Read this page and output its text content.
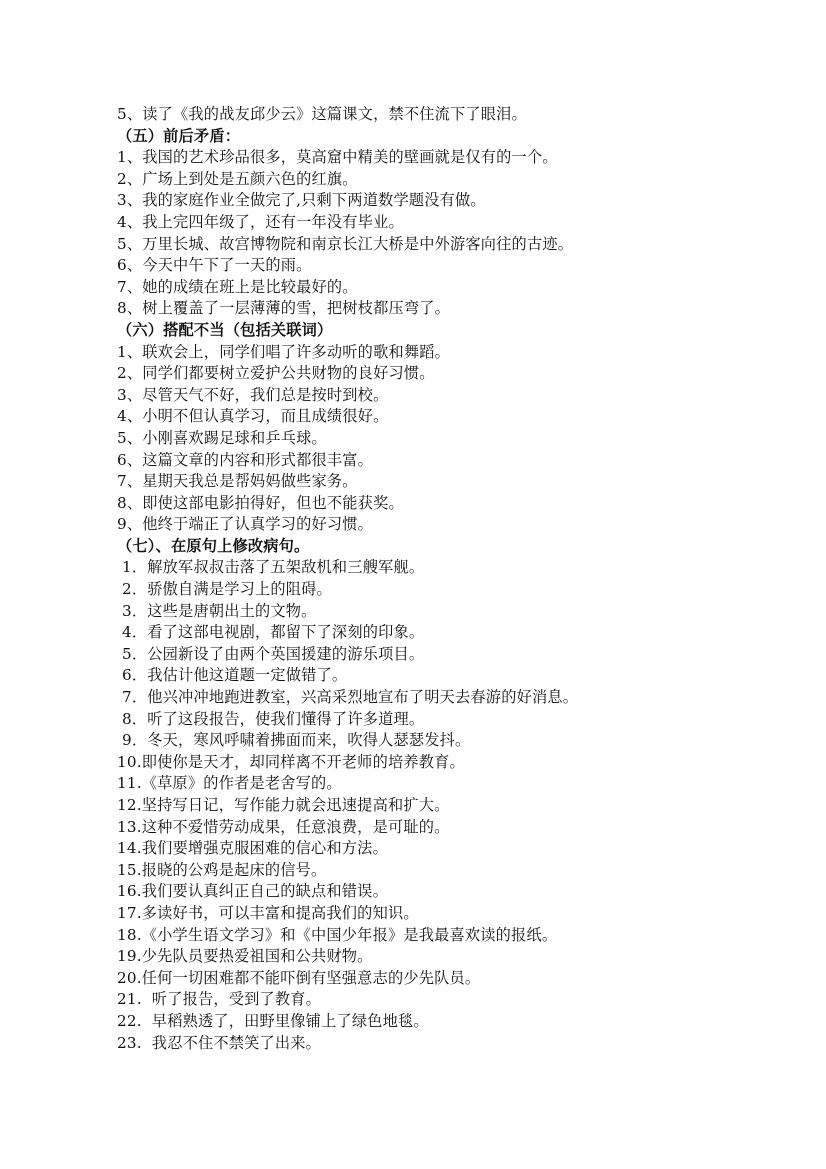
5、读了《我的战友邱少云》这篇课文，禁不住流下了眼泪。
（五）前后矛盾：
1、我国的艺术珍品很多，莫高窟中精美的壁画就是仅有的一个。
2、广场上到处是五颜六色的红旗。
3、我的家庭作业全做完了,只剩下两道数学题没有做。
4、我上完四年级了，还有一年没有毕业。
5、万里长城、故宫博物院和南京长江大桥是中外游客向往的古迹。
6、今天中午下了一天的雨。
7、她的成绩在班上是比较最好的。
8、树上覆盖了一层薄薄的雪，把树枝都压弯了。
（六）搭配不当（包括关联词）
1、联欢会上，同学们唱了许多动听的歌和舞蹈。
2、同学们都要树立爱护公共财物的良好习惯。
3、尽管天气不好，我们总是按时到校。
4、小明不但认真学习，而且成绩很好。
5、小刚喜欢踢足球和乒乓球。
6、这篇文章的内容和形式都很丰富。
7、星期天我总是帮妈妈做些家务。
8、即使这部电影拍得好，但也不能获奖。
9、他终于端正了认真学习的好习惯。
（七）、在原句上修改病句。
1．解放军叔叔击落了五架敌机和三艘军舰。
2．骄傲自满是学习上的阻碍。
3．这些是唐朝出土的文物。
4．看了这部电视剧，都留下了深刻的印象。
5．公园新设了由两个英国援建的游乐项目。
6．我估计他这道题一定做错了。
7．他兴冲冲地跑进教室，兴高采烈地宣布了明天去春游的好消息。
8．听了这段报告，使我们懂得了许多道理。
9．冬天，寒风呼啸着拂面而来，吹得人瑟瑟发抖。
10.即使你是天才，却同样离不开老师的培养教育。
11.《草原》的作者是老舍写的。
12.坚持写日记，写作能力就会迅速提高和扩大。
13.这种不爱惜劳动成果，任意浪费，是可耻的。
14.我们要增强克服困难的信心和方法。
15.报晓的公鸡是起床的信号。
16.我们要认真纠正自己的缺点和错误。
17.多读好书，可以丰富和提高我们的知识。
18.《小学生语文学习》和《中国少年报》是我最喜欢读的报纸。
19.少先队员要热爱祖国和公共财物。
20.任何一切困难都不能吓倒有坚强意志的少先队员。
21.  听了报告，受到了教育。
22.  早稻熟透了，田野里像铺上了绿色地毯。
23.  我忍不住不禁笑了出来。
